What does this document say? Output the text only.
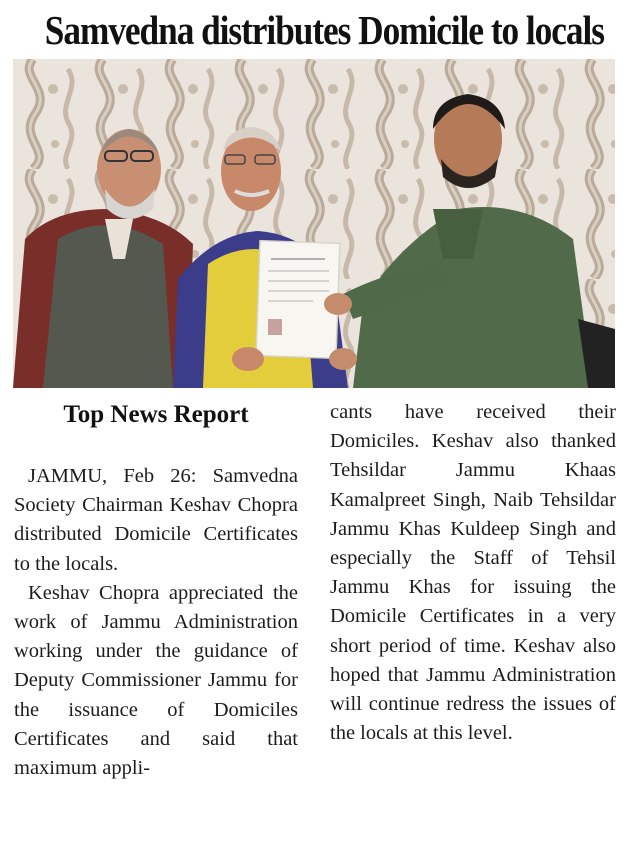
Samvedna distributes Domicile to locals
Top News Report

JAMMU, Feb 26: Samvedna Society Chairman Keshav Chopra distributed Domicile Certificates to the locals.

Keshav Chopra appreciated the work of Jammu Administration working under the guidance of Deputy Commissioner Jammu for the issuance of Domiciles Certificates and said that maximum appli-

cants have received their Domiciles. Keshav also thanked Tehsildar Jammu Khaas Kamalpreet Singh, Naib Tehsildar Jammu Khas Kuldeep Singh and especially the Staff of Tehsil Jammu Khas for issuing the Domicile Certificates in a very short period of time. Keshav also hoped that Jammu Administration will continue redress the issues of the locals at this level.
